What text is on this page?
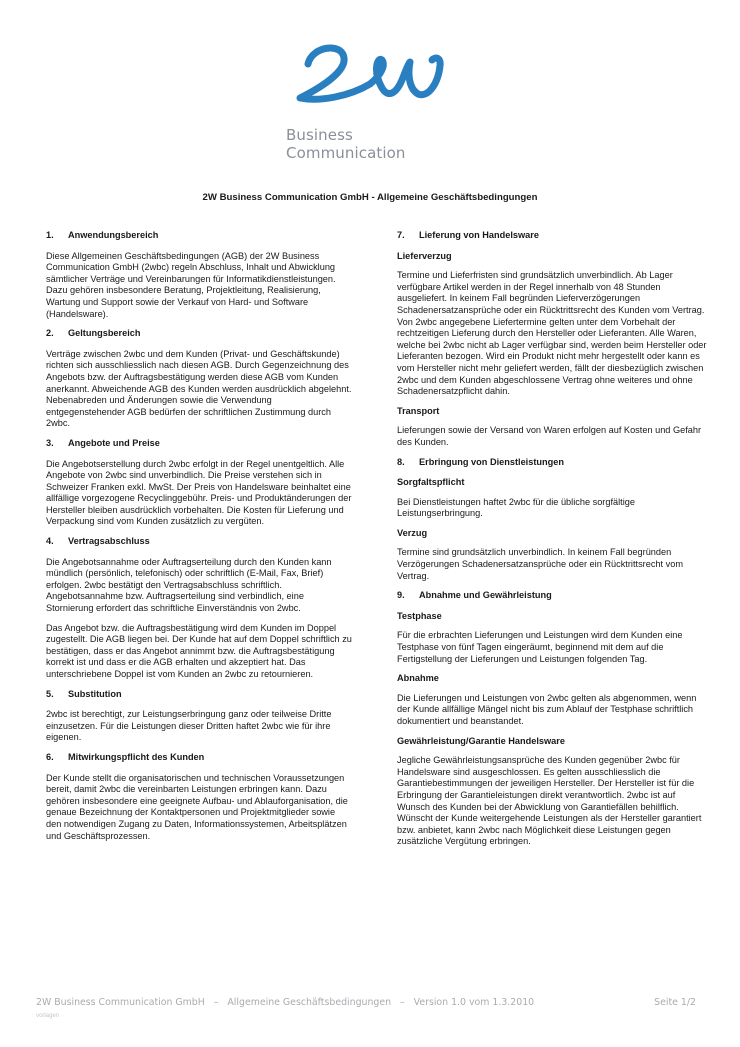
Business Communication
2W Business Communication GmbH - Allgemeine Geschäftsbedingungen
1. Anwendungsbereich

Diese Allgemeinen Geschäftsbedingungen (AGB) der 2W Business Communication GmbH (2wbc) regeln Abschluss, Inhalt und Abwicklung sämtlicher Verträge und Vereinbarungen für Informatikdienstleistungen. Dazu gehören insbesondere Beratung, Projektleitung, Realisierung, Wartung und Support sowie der Verkauf von Hard- und Software (Handelsware).

2. Geltungsbereich

Verträge zwischen 2wbc und dem Kunden (Privat- und Geschäftskunde) richten sich ausschliesslich nach diesen AGB. Durch Gegenzeichnung des Angebots bzw. der Auftragsbestätigung werden diese AGB vom Kunden anerkannt. Abweichende AGB des Kunden werden ausdrücklich abgelehnt. Nebenabreden und Änderungen sowie die Verwendung entgegenstehender AGB bedürfen der schriftlichen Zustimmung durch 2wbc.

3. Angebote und Preise

Die Angebotserstellung durch 2wbc erfolgt in der Regel unentgeltlich. Alle Angebote von 2wbc sind unverbindlich. Die Preise verstehen sich in Schweizer Franken exkl. MwSt. Der Preis von Handelsware beinhaltet eine allfällige vorgezogene Recyclinggebühr. Preis- und Produktänderungen der Hersteller bleiben ausdrücklich vorbehalten. Die Kosten für Lieferung und Verpackung sind vom Kunden zusätzlich zu vergüten.

4. Vertragsabschluss

Die Angebotsannahme oder Auftragserteilung durch den Kunden kann mündlich (persönlich, telefonisch) oder schriftlich (E-Mail, Fax, Brief) erfolgen. 2wbc bestätigt den Vertragsabschluss schriftlich. Angebotsannahme bzw. Auftragserteilung sind verbindlich, eine Stornierung erfordert das schriftliche Einverständnis von 2wbc.

Das Angebot bzw. die Auftragsbestätigung wird dem Kunden im Doppel zugestellt. Die AGB liegen bei. Der Kunde hat auf dem Doppel schriftlich zu bestätigen, dass er das Angebot annimmt bzw. die Auftragsbestätigung korrekt ist und dass er die AGB erhalten und akzeptiert hat. Das unterschriebene Doppel ist vom Kunden an 2wbc zu retournieren.

5. Substitution

2wbc ist berechtigt, zur Leistungserbringung ganz oder teilweise Dritte einzusetzen. Für die Leistungen dieser Dritten haftet 2wbc wie für ihre eigenen.

6. Mitwirkungspflicht des Kunden

Der Kunde stellt die organisatorischen und technischen Voraussetzungen bereit, damit 2wbc die vereinbarten Leistungen erbringen kann. Dazu gehören insbesondere eine geeignete Aufbau- und Ablauforganisation, die genaue Bezeichnung der Kontaktpersonen und Projektmitglieder sowie den notwendigen Zugang zu Daten, Informationssystemen, Arbeitsplätzen und Geschäftsprozessen.

7. Lieferung von Handelsware
Lieferverzug

Termine und Lieferfristen sind grundsätzlich unverbindlich. Ab Lager verfügbare Artikel werden in der Regel innerhalb von 48 Stunden ausgeliefert. In keinem Fall begründen Lieferverzögerungen Schadenersatzansprüche oder ein Rücktrittsrecht des Kunden vom Vertrag. Von 2wbc angegebene Liefertermine gelten unter dem Vorbehalt der rechtzeitigen Lieferung durch den Hersteller oder Lieferanten. Alle Waren, welche bei 2wbc nicht ab Lager verfügbar sind, werden beim Hersteller oder Lieferanten bezogen. Wird ein Produkt nicht mehr hergestellt oder kann es vom Hersteller nicht mehr geliefert werden, fällt der diesbezüglich zwischen 2wbc und dem Kunden abgeschlossene Vertrag ohne weiteres und ohne Schadenersatzpflicht dahin.

Transport

Lieferungen sowie der Versand von Waren erfolgen auf Kosten und Gefahr des Kunden.

8. Erbringung von Dienstleistungen
Sorgfaltspflicht

Bei Dienstleistungen haftet 2wbc für die übliche sorgfältige Leistungserbringung.

Verzug

Termine sind grundsätzlich unverbindlich. In keinem Fall begründen Verzögerungen Schadenersatzansprüche oder ein Rücktrittsrecht vom Vertrag.

9. Abnahme und Gewährleistung
Testphase

Für die erbrachten Lieferungen und Leistungen wird dem Kunden eine Testphase von fünf Tagen eingeräumt, beginnend mit dem auf die Fertigstellung der Lieferungen und Leistungen folgenden Tag.

Abnahme

Die Lieferungen und Leistungen von 2wbc gelten als abgenommen, wenn der Kunde allfällige Mängel nicht bis zum Ablauf der Testphase schriftlich dokumentiert und beanstandet.

Gewährleistung/Garantie Handelsware

Jegliche Gewährleistungsansprüche des Kunden gegenüber 2wbc für Handelsware sind ausgeschlossen. Es gelten ausschliesslich die Garantiebestimmungen der jeweiligen Hersteller. Der Hersteller ist für die Erbringung der Garantieleistungen direkt verantwortlich. 2wbc ist auf Wunsch des Kunden bei der Abwicklung von Garantiefällen behilflich. Wünscht der Kunde weitergehende Leistungen als der Hersteller garantiert bzw. anbietet, kann 2wbc nach Möglichkeit diese Leistungen gegen zusätzliche Vergütung erbringen.

2W Business Communication GmbH   –   Allgemeine Geschäftsbedingungen   –   Version 1.0 vom 1.3.2010	Seite 1/2
vorlagen
